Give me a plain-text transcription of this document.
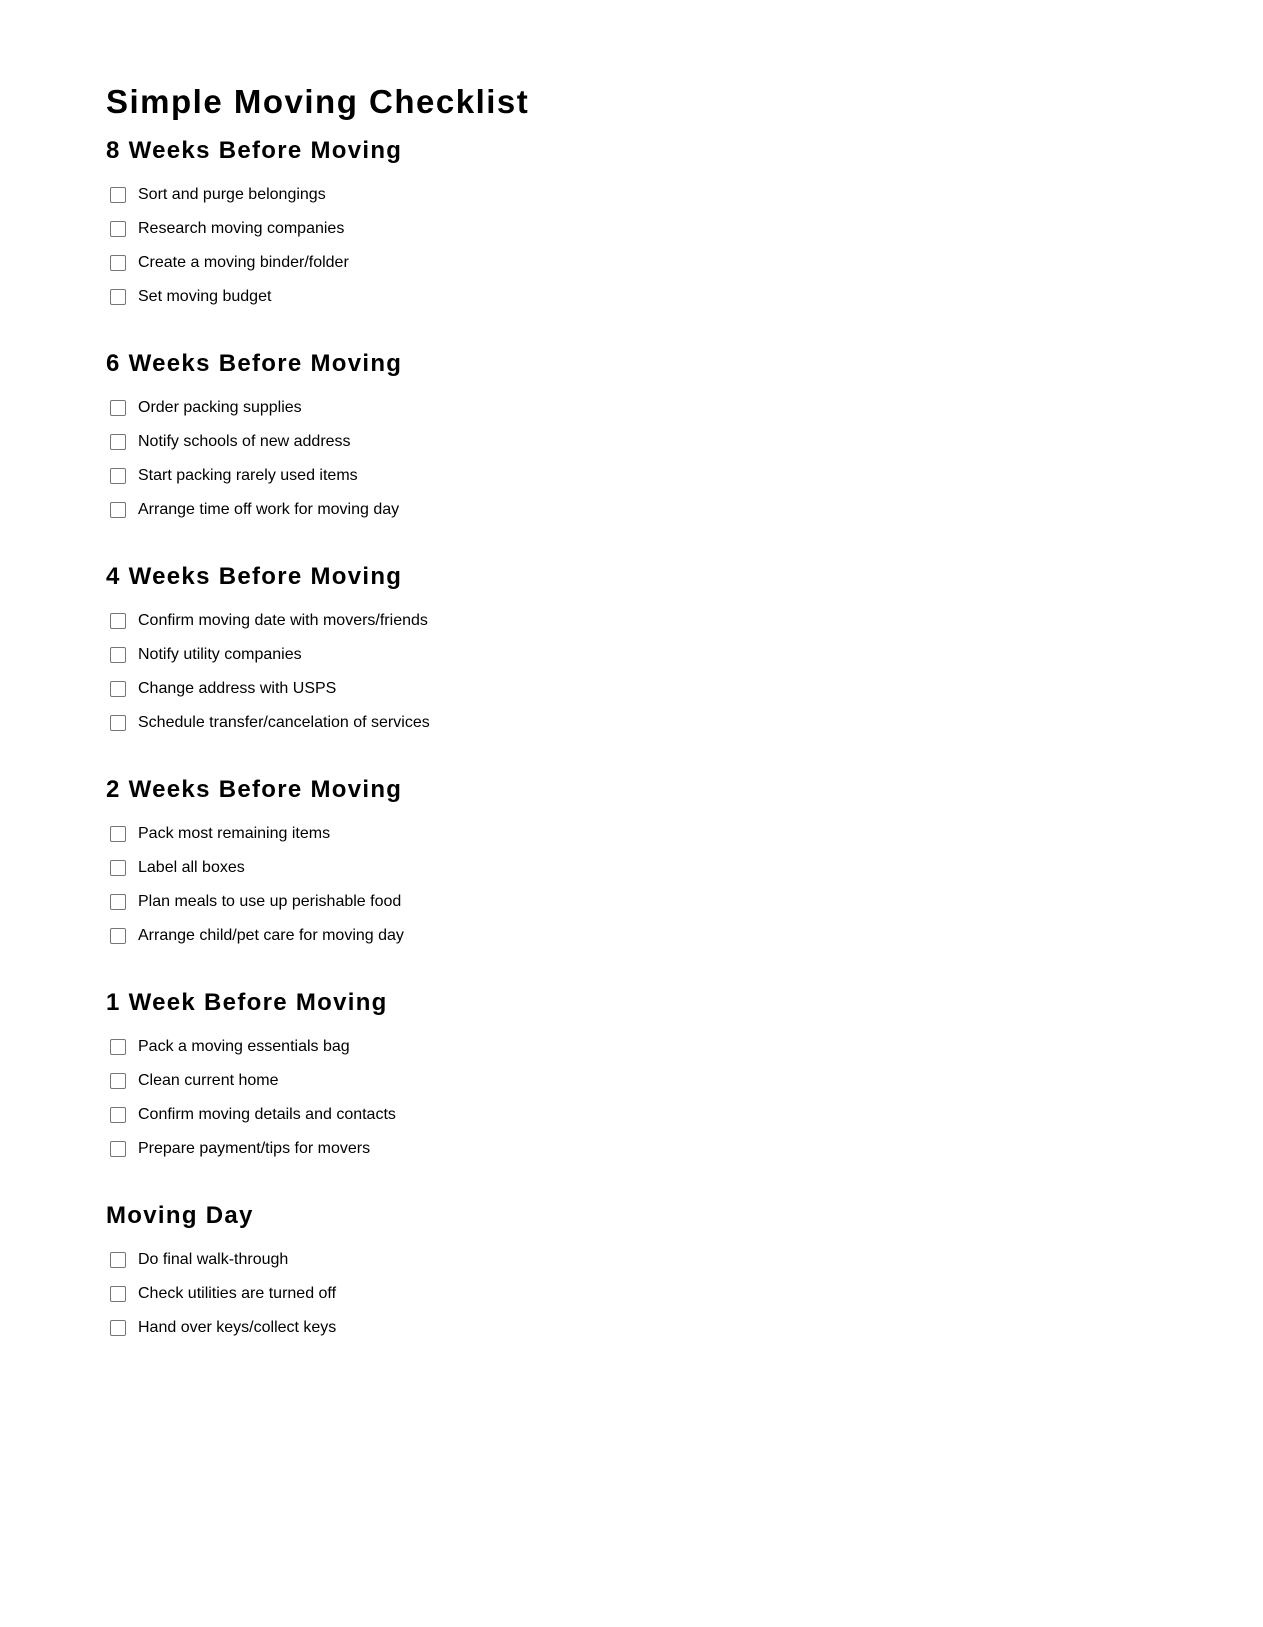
Simple Moving Checklist
8 Weeks Before Moving
Sort and purge belongings
Research moving companies
Create a moving binder/folder
Set moving budget
6 Weeks Before Moving
Order packing supplies
Notify schools of new address
Start packing rarely used items
Arrange time off work for moving day
4 Weeks Before Moving
Confirm moving date with movers/friends
Notify utility companies
Change address with USPS
Schedule transfer/cancelation of services
2 Weeks Before Moving
Pack most remaining items
Label all boxes
Plan meals to use up perishable food
Arrange child/pet care for moving day
1 Week Before Moving
Pack a moving essentials bag
Clean current home
Confirm moving details and contacts
Prepare payment/tips for movers
Moving Day
Do final walk-through
Check utilities are turned off
Hand over keys/collect keys
